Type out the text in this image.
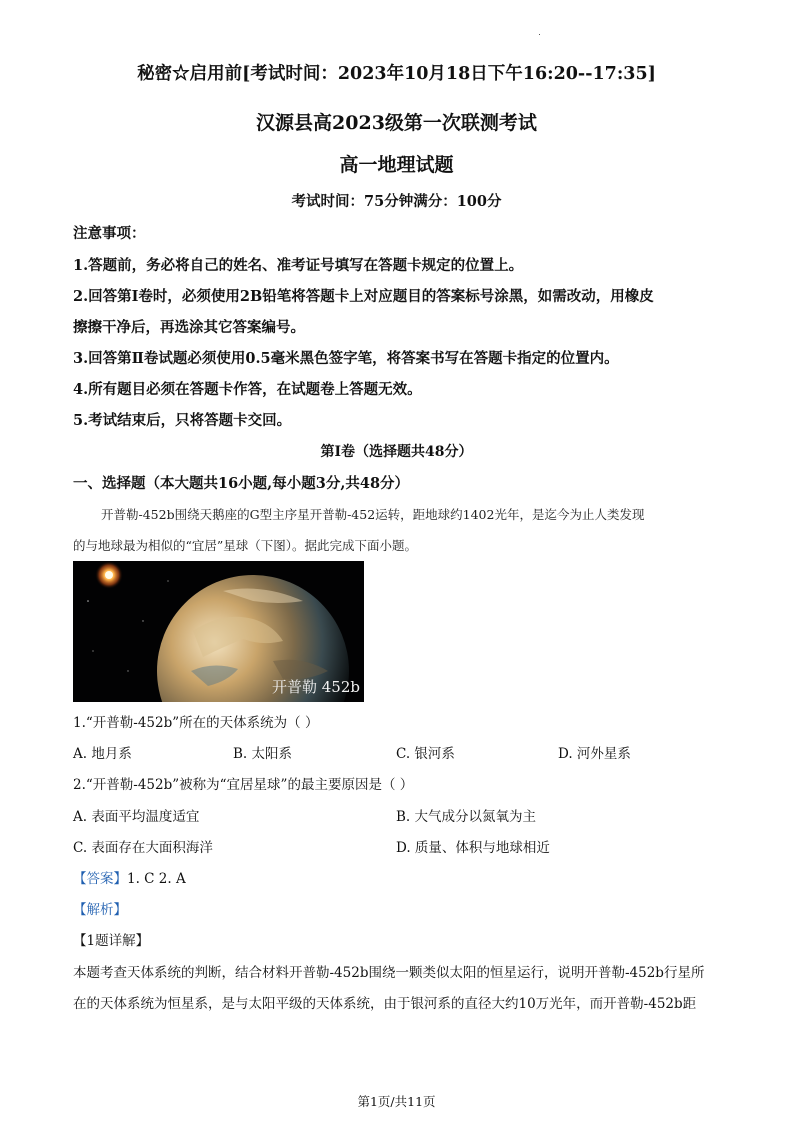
秘密☆启用前[考试时间：2023年10月18日下午16:20--17:35]
汉源县高2023级第一次联测考试
高一地理试题
考试时间：75分钟满分：100分
注意事项：
1.答题前，务必将自己的姓名、准考证号填写在答题卡规定的位置上。
2.回答第Ⅰ卷时，必须使用2B铅笔将答题卡上对应题目的答案标号涂黑，如需改动，用橡皮
擦擦干净后，再选涂其它答案编号。
3.回答第Ⅱ卷试题必须使用0.5毫米黑色签字笔，将答案书写在答题卡指定的位置内。
4.所有题目必须在答题卡作答，在试题卷上答题无效。
5.考试结束后，只将答题卡交回。
第Ⅰ卷（选择题共48分）
一、选择题（本大题共16小题,每小题3分,共48分）
开普勒-452b围绕天鹅座的G型主序星开普勒-452运转，距地球约1402光年，是迄今为止人类发现
的与地球最为相似的“宜居”星球（下图）。据此完成下面小题。
开普勒 452b
1.“开普勒-452b”所在的天体系统为（ ）
A. 地月系	B. 太阳系	C. 银河系	D. 河外星系
2.“开普勒-452b”被称为“宜居星球”的最主要原因是（ ）
A. 表面平均温度适宜	B. 大气成分以氮氧为主
C. 表面存在大面积海洋	D. 质量、体积与地球相近
【答案】1. C 2. A
【解析】
【1题详解】
本题考查天体系统的判断，结合材料开普勒-452b围绕一颗类似太阳的恒星运行，说明开普勒-452b行星所
在的天体系统为恒星系，是与太阳平级的天体系统，由于银河系的直径大约10万光年，而开普勒-452b距
第1页/共11页
